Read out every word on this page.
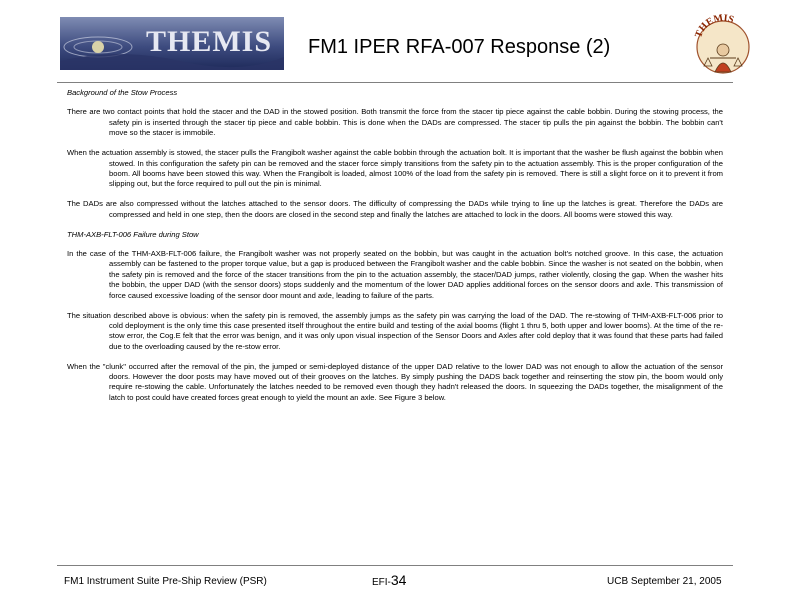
THEMIS FM1 IPER RFA-007 Response (2)
THEMIS

Background of the Stow Process

There are two contact points that hold the stacer and the DAD in the stowed position. Both transmit the force from the stacer tip piece against the cable bobbin. During the stowing process, the safety pin is inserted through the stacer tip piece and cable bobbin. This is done when the DADs are compressed. The stacer tip pulls the pin against the bobbin. The bobbin can't move so the stacer is immobile.

When the actuation assembly is stowed, the stacer pulls the Frangibolt washer against the cable bobbin through the actuation bolt. It is important that the washer be flush against the bobbin when stowed. In this configuration the safety pin can be removed and the stacer force simply transitions from the safety pin to the actuation assembly. This is the proper configuration of the boom. All booms have been stowed this way. When the Frangibolt is loaded, almost 100% of the load from the safety pin is removed. There is still a slight force on it to prevent it from slipping out, but the force required to pull out the pin is minimal.

The DADs are also compressed without the latches attached to the sensor doors. The difficulty of compressing the DADs while trying to line up the latches is great. Therefore the DADs are compressed and held in one step, then the doors are closed in the second step and finally the latches are attached to lock in the doors. All booms were stowed this way.

THM-AXB-FLT-006 Failure during Stow

In the case of the THM-AXB-FLT-006 failure, the Frangibolt washer was not properly seated on the bobbin, but was caught in the actuation bolt's notched groove. In this case, the actuation assembly can be fastened to the proper torque value, but a gap is produced between the Frangibolt washer and the cable bobbin. Since the washer is not seated on the bobbin, when the safety pin is removed and the force of the stacer transitions from the pin to the actuation assembly, the stacer/DAD jumps, rather violently, closing the gap. When the washer hits the bobbin, the upper DAD (with the sensor doors) stops suddenly and the momentum of the lower DAD applies additional forces on the sensor doors and axle. This transmission of force caused excessive loading of the sensor door mount and axle, leading to failure of the parts.

The situation described above is obvious: when the safety pin is removed, the assembly jumps as the safety pin was carrying the load of the DAD. The re-stowing of THM-AXB-FLT-006 prior to cold deployment is the only time this case presented itself throughout the entire build and testing of the axial booms (flight 1 thru 5, both upper and lower booms). At the time of the re-stow error, the Cog.E felt that the error was benign, and it was only upon visual inspection of the Sensor Doors and Axles after cold deploy that it was found that these parts had failed due to the overloading caused by the re-stow error.

When the "clunk" occurred after the removal of the pin, the jumped or semi-deployed distance of the upper DAD relative to the lower DAD was not enough to allow the actuation of the sensor doors. However the door posts may have moved out of their grooves on the latches. By simply pushing the DADS back together and reinserting the stow pin, the boom would only require re-stowing the cable. Unfortunately the latches needed to be removed even though they hadn't released the doors. In squeezing the DADs together, the misalignment of the latch to post could have created forces great enough to yield the mount an axle. See Figure 3 below.

FM1 Instrument Suite Pre-Ship Review (PSR)	EFI-34	UCB September 21, 2005
